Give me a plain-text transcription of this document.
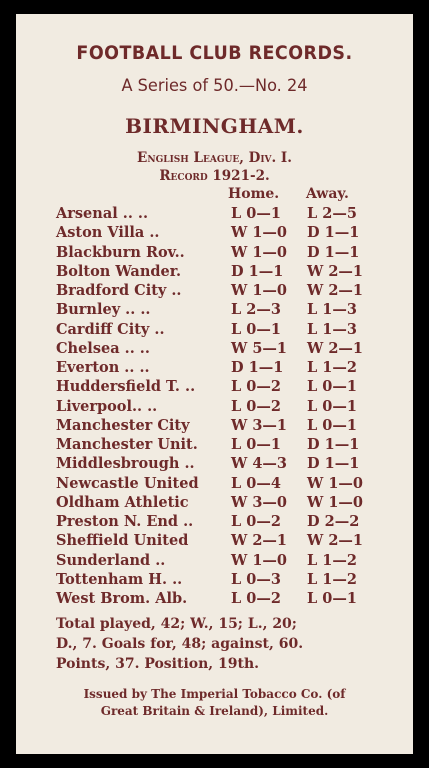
FOOTBALL CLUB RECORDS.
A Series of 50.—No. 24
BIRMINGHAM.
English League, Div. I.
Record 1921-2.
Home. Away.
Arsenal .. ..	L 0—1 L 2—5
Aston Villa ..	W 1—0 D 1—1
Blackburn Rov..	W 1—0 D 1—1
Bolton Wander.	D 1—1 W 2—1
Bradford City ..	W 1—0 W 2—1
Burnley .. ..	L 2—3 L 1—3
Cardiff City ..	L 0—1 L 1—3
Chelsea .. ..	W 5—1 W 2—1
Everton .. ..	D 1—1 L 1—2
Huddersfield T. .. L 0—2 L 0—1
Liverpool.. ..	L 0—2 L 0—1
Manchester City	W 3—1 L 0—1
Manchester Unit. L 0—1 D 1—1
Middlesbrough ..	W 4—3 D 1—1
Newcastle United L 0—4 W 1—0
Oldham Athletic	W 3—0 W 1—0
Preston N. End ..	L 0—2 D 2—2
Sheffield United	W 2—1 W 2—1
Sunderland ..	W 1—0 L 1—2
Tottenham H. ..	L 0—3 L 1—2
West Brom. Alb.	L 0—2 L 0—1
Total played, 42; W., 15; L., 20;
D., 7. Goals for, 48; against, 60.
Points, 37. Position, 19th.
Issued by The Imperial Tobacco Co. (of
Great Britain & Ireland), Limited.
